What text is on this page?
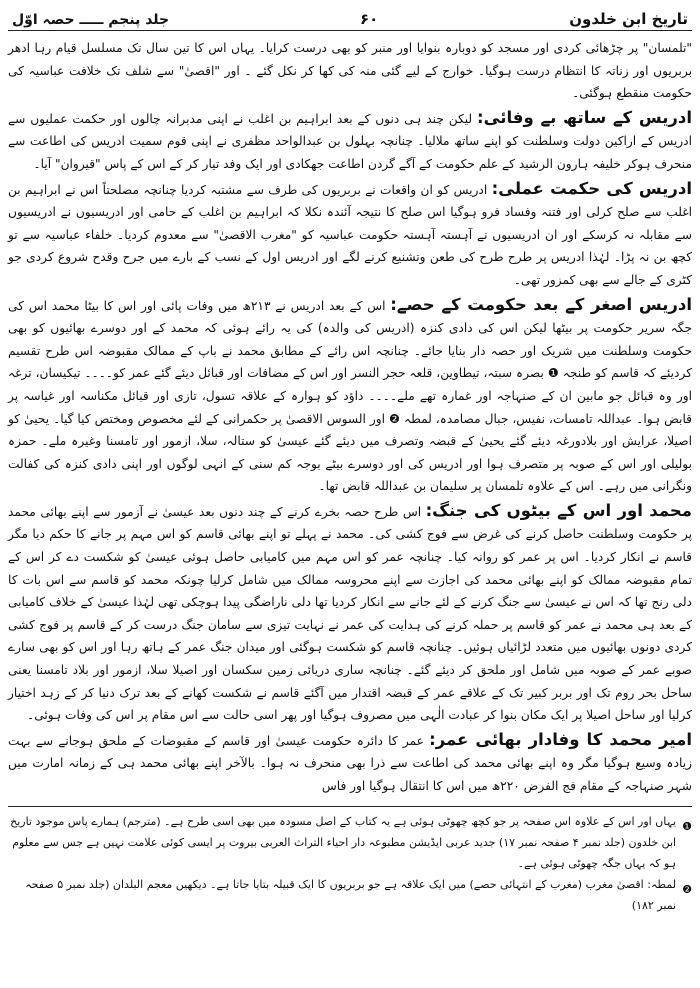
تاریخ ابن خلدون
۶۰
جلد پنجم ـــــ حصہ اوّل

"تلمسان" پر چڑھائی کردی اور مسجد کو دوبارہ بنوایا اور منبر کو بھی درست کرایا۔ یہاں اس کا تین سال تک مسلسل قیام رہا ادھر بربریوں اور زناتہ کا انتظام درست ہوگیا۔ خوارج کے لیے گئی منہ کی کھا کر نکل گئے ۔ اور "اقصیٰ" سے شلف تک خلافت عباسیہ کی حکومت منقطع ہوگئی۔

ادریس کے ساتھ بے وفائی: لیکن چند ہی دنوں کے بعد ابراہیم بن اغلب نے اپنی مدبرانہ چالوں اور حکمت عملیوں سے ادریس کے اراکین دولت وسلطنت کو اپنے ساتھ ملالیا۔ چنانچہ بہلول بن عبدالواحد مظفری نے اپنی قوم سمیت ادریس کی اطاعت سے منحرف ہوکر خلیفہ ہارون الرشید کے علم حکومت کے آگے گردن اطاعت جھکادی اور ایک وفد تیار کر کے اس کے پاس "قیروان" آیا۔

ادریس کی حکمت عملی: ادریس کو ان واقعات نے بربریوں کی طرف سے مشتبہ کردیا چنانچہ مصلحتاً اس نے ابراہیم بن اغلب سے صلح کرلی اور فتنہ وفساد فرو ہوگیا اس صلح کا نتیجہ آئندہ نکلا کہ ابراہیم بن اغلب کے حامی اور ادریسیوں نے ادریسیوں سے مقابلہ نہ کرسکے اور ان ادریسیوں نے آہستہ آہستہ حکومت عباسیہ کو "مغرب الاقصیٰ" سے معدوم کردیا۔ خلفاء عباسیہ سے تو کچھ بن نہ پڑا۔ لہٰذا ادریس پر طرح طرح کی طعن وتشنیع کرنے لگے اور ادریس اول کے نسب کے بارے میں جرح وقدح شروع کردی جو کٹری کے جالے سے بھی کمزور تھی۔

ادریس اصغر کے بعد حکومت کے حصے: اس کے بعد ادریس نے ۲۱۳ھ میں وفات پائی اور اس کا بیٹا محمد اس کی جگہ سریر حکومت پر بیٹھا لیکن اس کی دادی کنزہ (ادریس کی والدہ) کی یہ رائے ہوئی کہ محمد کے اور دوسرے بھائیوں کو بھی حکومت وسلطنت میں شریک اور حصہ دار بنایا جائے۔ چنانچہ اس رائے کے مطابق محمد نے باپ کے ممالک مقبوضہ اس طرح تقسیم کردیئے کہ قاسم کو طنجہ ❶ بصرہ سبتہ، تیطاوین، قلعہ حجر النسر اور اس کے مضافات اور قبائل دیئے گئے عمر کو۔۔۔۔ تیکیسان، ترغہ اور وہ قبائل جو مابین ان کے صنہاجہ اور غمارہ تھے ملے۔۔۔۔ داؤد کو ہوارہ کے علاقہ تسول، تازی اور قبائل مکناسہ اور غیاسہ پر قابض ہوا۔ عبداللہ تامسات، نفیس، جبال مصامدہ، لمطہ ❷ اور السوس الاقصیٰ پر حکمرانی کے لئے مخصوص ومختص کیا گیا۔ یحییٰ کو اصیلا، عرایش اور بلادورغہ دیئے گئے یحییٰ کے قبضہ وتصرف میں دیئے گئے عیسیٰ کو ستالہ، سلا، ازمور اور تامسنا وغیرہ ملے۔ حمزہ بولیلی اور اس کے صوبہ پر متصرف ہوا اور ادریس کی اور دوسرے بیٹے بوجہ کم سنی کے انہی لوگوں اور اپنی دادی کنزہ کی کفالت ونگرانی میں رہے۔ اس کے علاوہ تلمسان پر سلیمان بن عبداللہ قابض تھا۔

محمد اور اس کے بیٹوں کی جنگ: اس طرح حصہ بخرے کرنے کے چند دنوں بعد عیسیٰ نے آزمور سے اپنے بھائی محمد پر حکومت وسلطنت حاصل کرنے کی غرض سے فوج کشی کی۔ محمد نے پہلے تو اپنے بھائی قاسم کو اس مہم پر جانے کا حکم دیا مگر قاسم نے انکار کردیا۔ اس پر عمر کو روانہ کیا۔ چنانچہ عمر کو اس مہم میں کامیابی حاصل ہوئی عیسیٰ کو شکست دے کر اس کے تمام مقبوضہ ممالک کو اپنے بھائی محمد کی اجازت سے اپنے محروسہ ممالک میں شامل کرلیا چونکہ محمد کو قاسم سے اس بات کا دلی رنج تھا کہ اس نے عیسیٰ سے جنگ کرنے کے لئے جانے سے انکار کردیا تھا دلی ناراضگی پیدا ہوچکی تھی لہٰذا عیسیٰ کے خلاف کامیابی کے بعد ہی محمد نے عمر کو قاسم پر حملہ کرنے کی ہدایت کی عمر نے نہایت تیزی سے سامان جنگ درست کر کے قاسم پر فوج کشی کردی دونوں بھائیوں میں متعدد لڑائیاں ہوئیں۔ چنانچہ قاسم کو شکست ہوگئی اور میدان جنگ عمر کے ہاتھ رہا اور اس کو بھی سارے صوبے عمر کے صوبہ میں شامل اور ملحق کر دیئے گئے۔ چنانچہ ساری دریائی زمین سکسان اور اصیلا سلا، ازمور اور بلاد تامسنا یعنی ساحل بحر روم تک اور بربر کبیر تک کے علاقے عمر کے قبضہ اقتدار میں آگئے قاسم نے شکست کھانے کے بعد ترک دنیا کر کے زہد اختیار کرلیا اور ساحل اصیلا پر ایک مکان بنوا کر عبادت الٰہی میں مصروف ہوگیا اور پھر اسی حالت سے اس مقام پر اس کی وفات ہوئی۔

امیر محمد کا وفادار بھائی عمر: عمر کا دائرہ حکومت عیسیٰ اور قاسم کے مقبوضات کے ملحق ہوجانے سے بہت زیادہ وسیع ہوگیا مگر وہ اپنے بھائی محمد کی اطاعت سے ذرا بھی منحرف نہ ہوا۔ بالآخر اپنے بھائی محمد ہی کے زمانہ امارت میں شہر صنہاجہ کے مقام فج الفرض ۲۲۰ھ میں اس کا انتقال ہوگیا اور فاس

❶
یہاں اور اس کے علاوہ اس صفحہ پر جو کچھ چھوٹی ہوئی ہے یہ کتاب کے اصل مسودہ میں بھی اسی طرح ہے۔ (مترجم) ہمارے پاس موجود تاریخ ابن خلدون (جلد نمبر ۴ صفحہ نمبر ۱۷) جدید عربی ایڈیشن مطبوعہ دار احیاء التراث العربی بیروت پر ایسی کوئی علامت نہیں ہے جس سے معلوم ہو کہ یہاں جگہ چھوٹی ہوئی ہے۔
❷
لمطہ: اقصیٰ مغرب (مغرب کے انتہائی حصے) میں ایک علاقہ ہے جو بربریوں کا ایک قبیلہ بتایا جاتا ہے۔ دیکھیں معجم البلدان (جلد نمبر ۵ صفحہ نمبر ۱۸۲)
